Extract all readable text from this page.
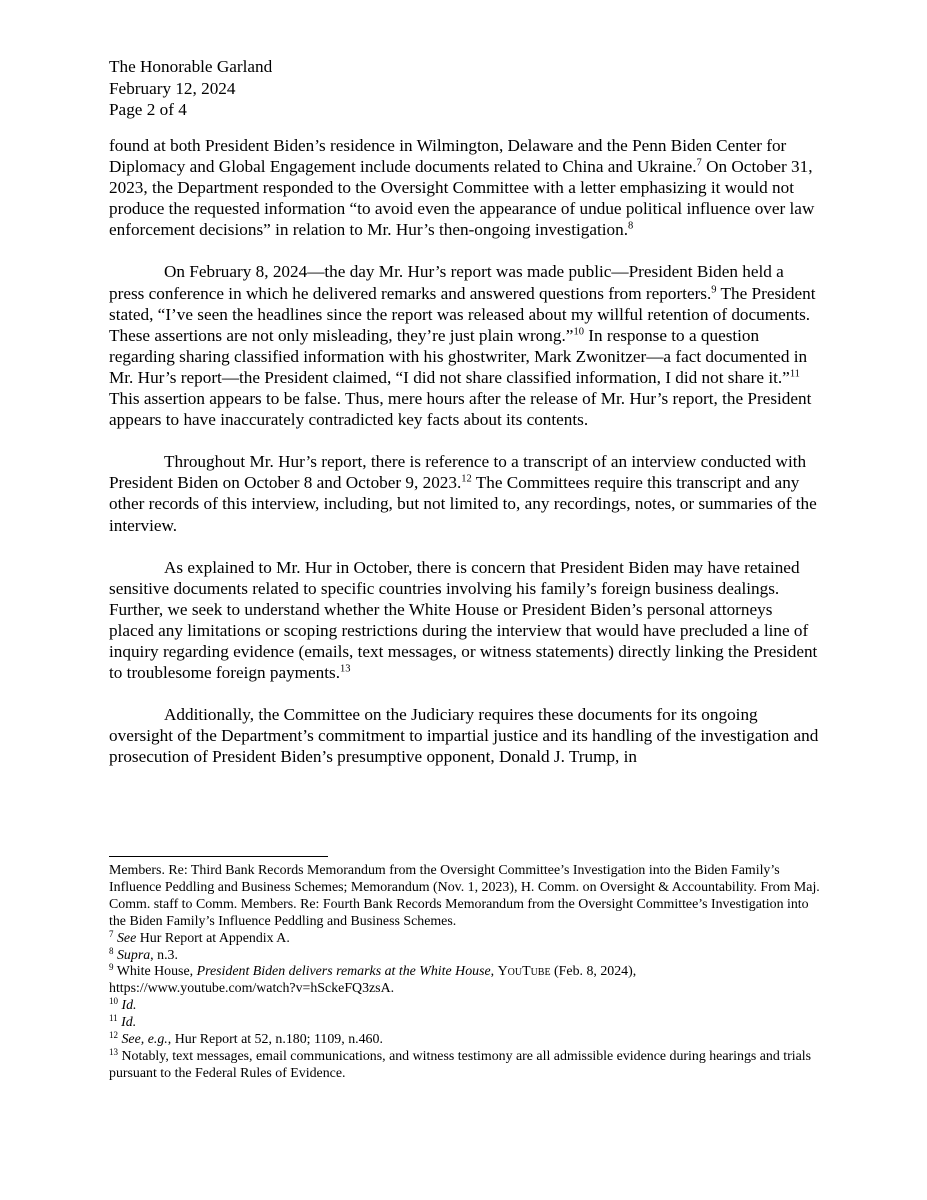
The Honorable Garland
February 12, 2024
Page 2 of 4

found at both President Biden’s residence in Wilmington, Delaware and the Penn Biden Center for Diplomacy and Global Engagement include documents related to China and Ukraine.$^7$ On October 31, 2023, the Department responded to the Oversight Committee with a letter emphasizing it would not produce the requested information “to avoid even the appearance of undue political influence over law enforcement decisions” in relation to Mr. Hur’s then-ongoing investigation.$^8$

On February 8, 2024—the day Mr. Hur’s report was made public—President Biden held a press conference in which he delivered remarks and answered questions from reporters.$^9$ The President stated, “I’ve seen the headlines since the report was released about my willful retention of documents. These assertions are not only misleading, they’re just plain wrong.”$^{10}$ In response to a question regarding sharing classified information with his ghostwriter, Mark Zwonitzer—a fact documented in Mr. Hur’s report—the President claimed, “I did not share classified information, I did not share it.”$^{11}$ This assertion appears to be false. Thus, mere hours after the release of Mr. Hur’s report, the President appears to have inaccurately contradicted key facts about its contents.

Throughout Mr. Hur’s report, there is reference to a transcript of an interview conducted with President Biden on October 8 and October 9, 2023.12 The Committees require this transcript and any other records of this interview, including, but not limited to, any recordings, notes, or summaries of the interview.

As explained to Mr. Hur in October, there is concern that President Biden may have retained sensitive documents related to specific countries involving his family’s foreign business dealings. Further, we seek to understand whether the White House or President Biden’s personal attorneys placed any limitations or scoping restrictions during the interview that would have precluded a line of inquiry regarding evidence (emails, text messages, or witness statements) directly linking the President to troublesome foreign payments.$^{13}$

Additionally, the Committee on the Judiciary requires these documents for its ongoing oversight of the Department’s commitment to impartial justice and its handling of the investigation and prosecution of President Biden’s presumptive opponent, Donald J. Trump, in

Members. Re: Third Bank Records Memorandum from the Oversight Committee’s Investigation into the Biden Family’s Influence Peddling and Business Schemes; Memorandum (Nov. 1, 2023), H. Comm. on Oversight & Accountability. From Maj. Comm. staff to Comm. Members. Re: Fourth Bank Records Memorandum from the Oversight Committee’s Investigation into the Biden Family’s Influence Peddling and Business Schemes.

$^7$ See Hur Report at Appendix A.

$^8$ Supra, n.3.

$^9$ White House, President Biden delivers remarks at the White House, YouTube (Feb. 8, 2024), https://www.youtube.com/watch?v=hSckeFQ3zsA.

$^{10}$ Id.

$^{11}$ Id.

$^{12}$ See, e.g., Hur Report at 52, n.180; 1109, n.460.

$^{13}$ Notably, text messages, email communications, and witness testimony are all admissible evidence during hearings and trials pursuant to the Federal Rules of Evidence.
